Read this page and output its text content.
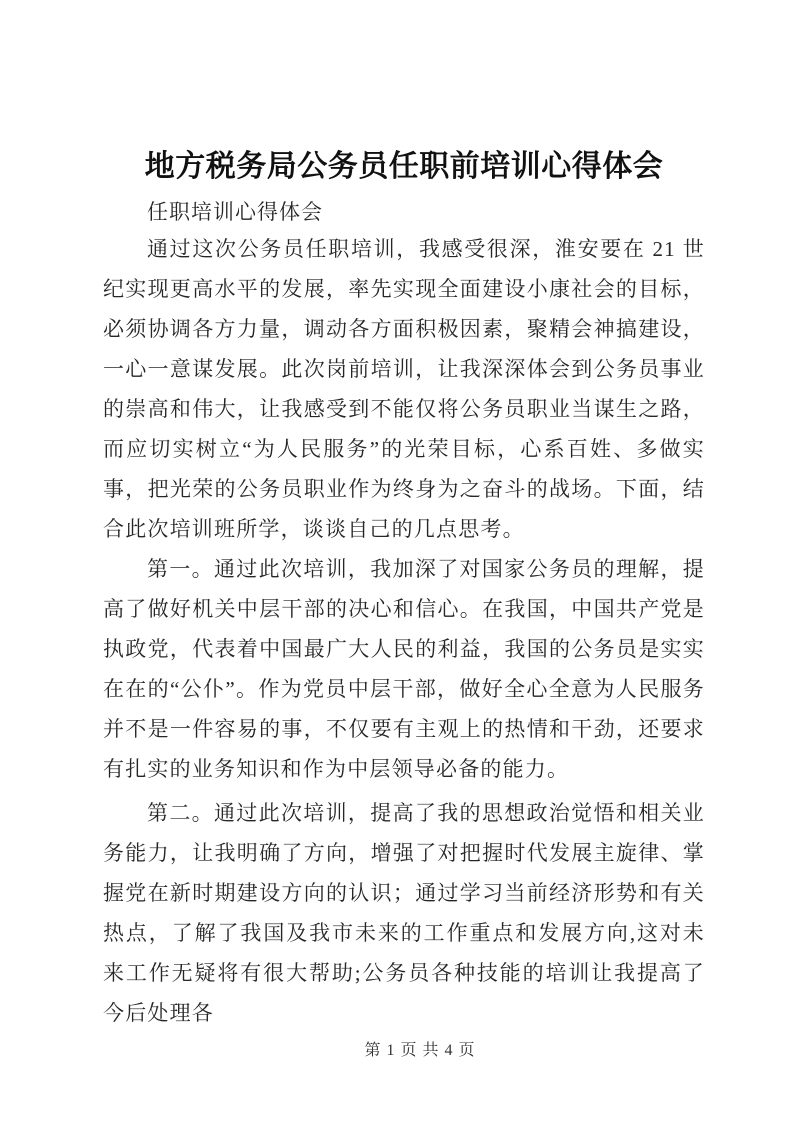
地方税务局公务员任职前培训心得体会

任职培训心得体会

通过这次公务员任职培训，我感受很深，淮安要在 21 世纪实现更高水平的发展，率先实现全面建设小康社会的目标，必须协调各方力量，调动各方面积极因素，聚精会神搞建设，一心一意谋发展。此次岗前培训，让我深深体会到公务员事业的崇高和伟大，让我感受到不能仅将公务员职业当谋生之路，而应切实树立“为人民服务”的光荣目标，心系百姓、多做实事，把光荣的公务员职业作为终身为之奋斗的战场。下面，结合此次培训班所学，谈谈自己的几点思考。

第一。通过此次培训，我加深了对国家公务员的理解，提高了做好机关中层干部的决心和信心。在我国，中国共产党是执政党，代表着中国最广大人民的利益，我国的公务员是实实在在的“公仆”。作为党员中层干部，做好全心全意为人民服务并不是一件容易的事，不仅要有主观上的热情和干劲，还要求有扎实的业务知识和作为中层领导必备的能力。

第二。通过此次培训，提高了我的思想政治觉悟和相关业务能力，让我明确了方向，增强了对把握时代发展主旋律、掌握党在新时期建设方向的认识；通过学习当前经济形势和有关热点，了解了我国及我市未来的工作重点和发展方向,这对未来工作无疑将有很大帮助;公务员各种技能的培训让我提高了今后处理各

第 1 页 共 4 页
